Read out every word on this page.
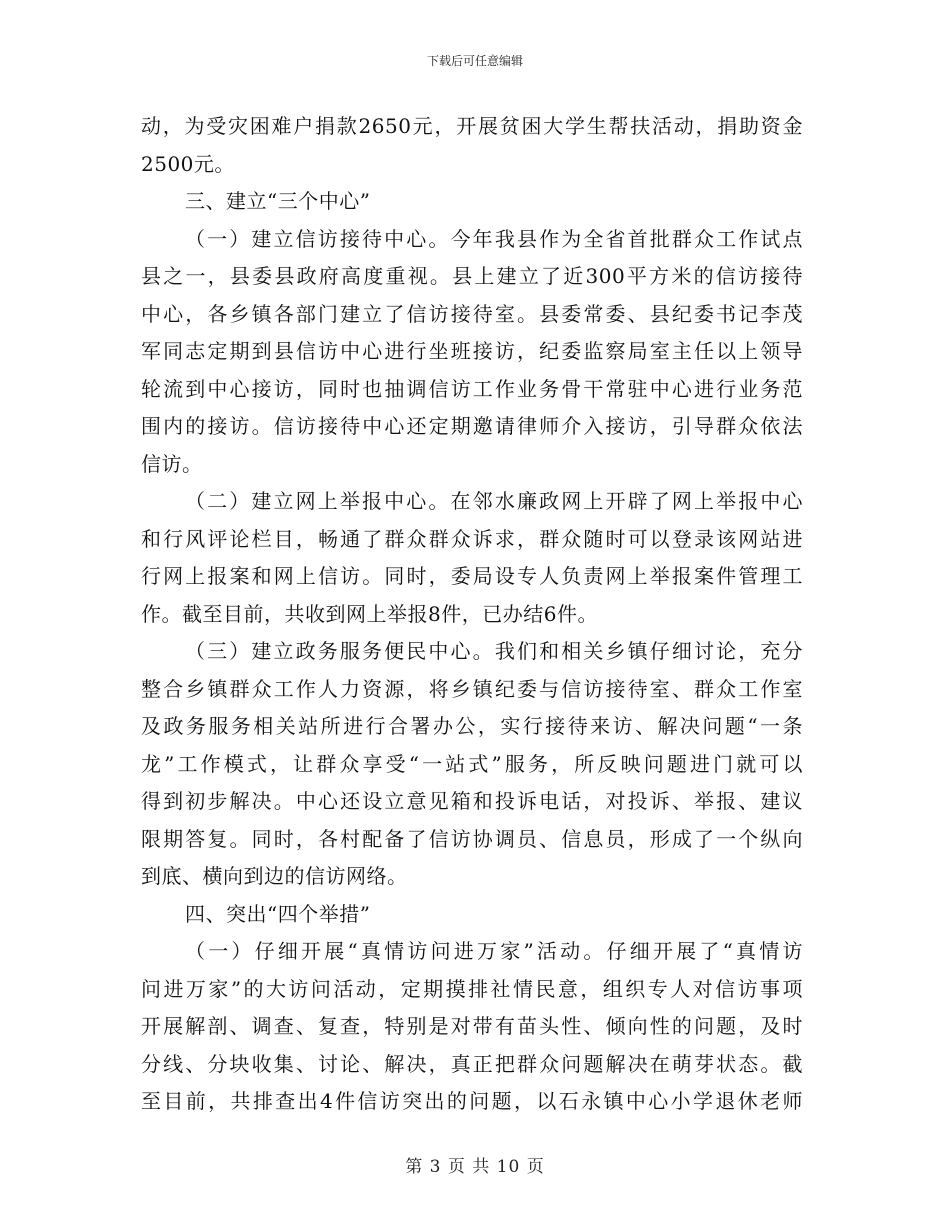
下载后可任意编辑
动，为受灾困难户捐款2650元，开展贫困大学生帮扶活动，捐助资金
2500元。
三、建立“三个中心”
（一）建立信访接待中心。今年我县作为全省首批群众工作试点
县之一，县委县政府高度重视。县上建立了近300平方米的信访接待
中心，各乡镇各部门建立了信访接待室。县委常委、县纪委书记李茂
军同志定期到县信访中心进行坐班接访，纪委监察局室主任以上领导
轮流到中心接访，同时也抽调信访工作业务骨干常驻中心进行业务范
围内的接访。信访接待中心还定期邀请律师介入接访，引导群众依法
信访。
（二）建立网上举报中心。在邻水廉政网上开辟了网上举报中心
和行风评论栏目，畅通了群众群众诉求，群众随时可以登录该网站进
行网上报案和网上信访。同时，委局设专人负责网上举报案件管理工
作。截至目前，共收到网上举报8件，已办结6件。
（三）建立政务服务便民中心。我们和相关乡镇仔细讨论，充分
整合乡镇群众工作人力资源，将乡镇纪委与信访接待室、群众工作室
及政务服务相关站所进行合署办公，实行接待来访、解决问题“一条
龙”工作模式，让群众享受“一站式”服务，所反映问题进门就可以
得到初步解决。中心还设立意见箱和投诉电话，对投诉、举报、建议
限期答复。同时，各村配备了信访协调员、信息员，形成了一个纵向
到底、横向到边的信访网络。
四、突出“四个举措”
（一）仔细开展“真情访问进万家”活动。仔细开展了“真情访
问进万家”的大访问活动，定期摸排社情民意，组织专人对信访事项
开展解剖、调查、复查，特别是对带有苗头性、倾向性的问题，及时
分线、分块收集、讨论、解决，真正把群众问题解决在萌芽状态。截
至目前，共排查出4件信访突出的问题，以石永镇中心小学退休老师
第 3 页 共 10 页
